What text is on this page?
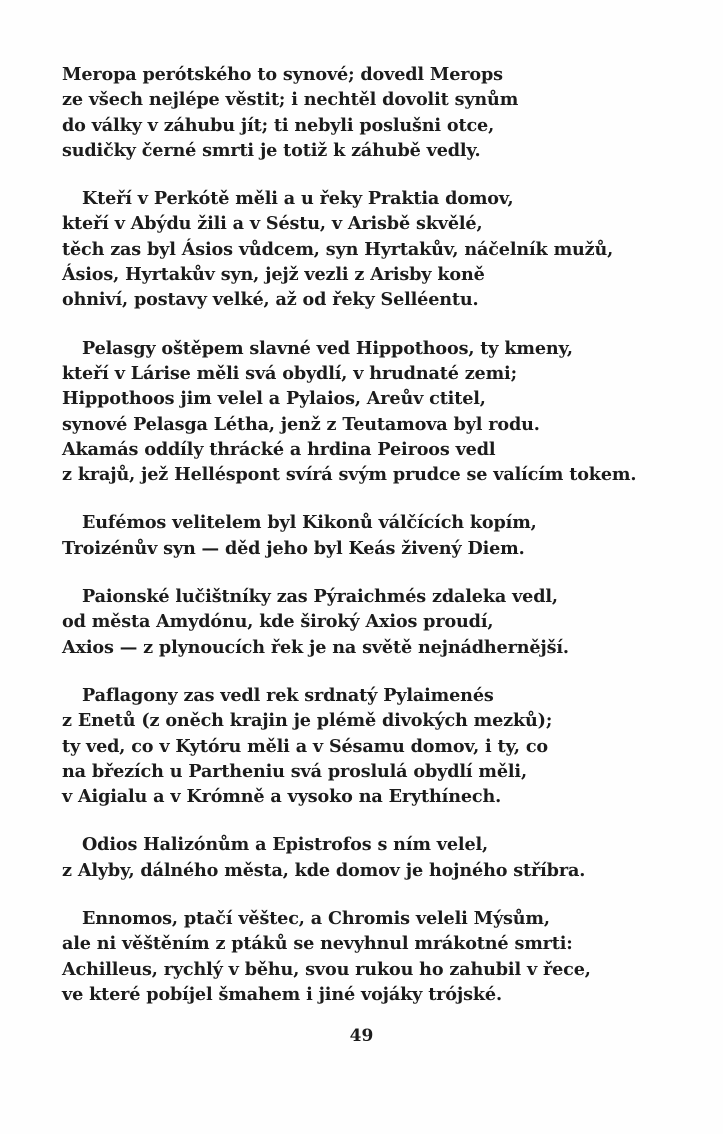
Meropa perótského to synové; dovedl Merops
ze všech nejlépe věstit; i nechtěl dovolit synům
do války v záhubu jít; ti nebyli poslušni otce,
sudičky černé smrti je totiž k záhubě vedly.
Kteří v Perkótě měli a u řeky Praktia domov,
kteří v Abýdu žili a v Séstu, v Arisbě skvělé,
těch zas byl Ásios vůdcem, syn Hyrtakův, náčelník mužů,
Ásios, Hyrtakův syn, jejž vezli z Arisby koně
ohniví, postavy velké, až od řeky Selléentu.
Pelasgy oštěpem slavné ved Hippothoos, ty kmeny,
kteří v Lárise měli svá obydlí, v hrudnaté zemi;
Hippothoos jim velel a Pylaios, Areův ctitel,
synové Pelasga Létha, jenž z Teutamova byl rodu.
Akamás oddíly thrácké a hrdina Peiroos vedl
z krajů, jež Helléspont svírá svým prudce se valícím tokem.
Eufémos velitelem byl Kikonů válčících kopím,
Troizénův syn — děd jeho byl Keás živený Diem.
Paionské lučištníky zas Pýraichmés zdaleka vedl,
od města Amydónu, kde široký Axios proudí,
Axios — z plynoucích řek je na světě nejnádhernější.
Paflagony zas vedl rek srdnatý Pylaimenés
z Enetů (z oněch krajin je plémě divokých mezků);
ty ved, co v Kytóru měli a v Sésamu domov, i ty, co
na březích u Partheniu svá proslulá obydlí měli,
v Aigialu a v Krómně a vysoko na Erythínech.
Odios Halizónům a Epistrofos s ním velel,
z Alyby, dálného města, kde domov je hojného stříbra.
Ennomos, ptačí věštec, a Chromis veleli Mýsům,
ale ni věštěním z ptáků se nevyhnul mrákotné smrti:
Achilleus, rychlý v běhu, svou rukou ho zahubil v řece,
ve které pobíjel šmahem i jiné vojáky trójské.
49
